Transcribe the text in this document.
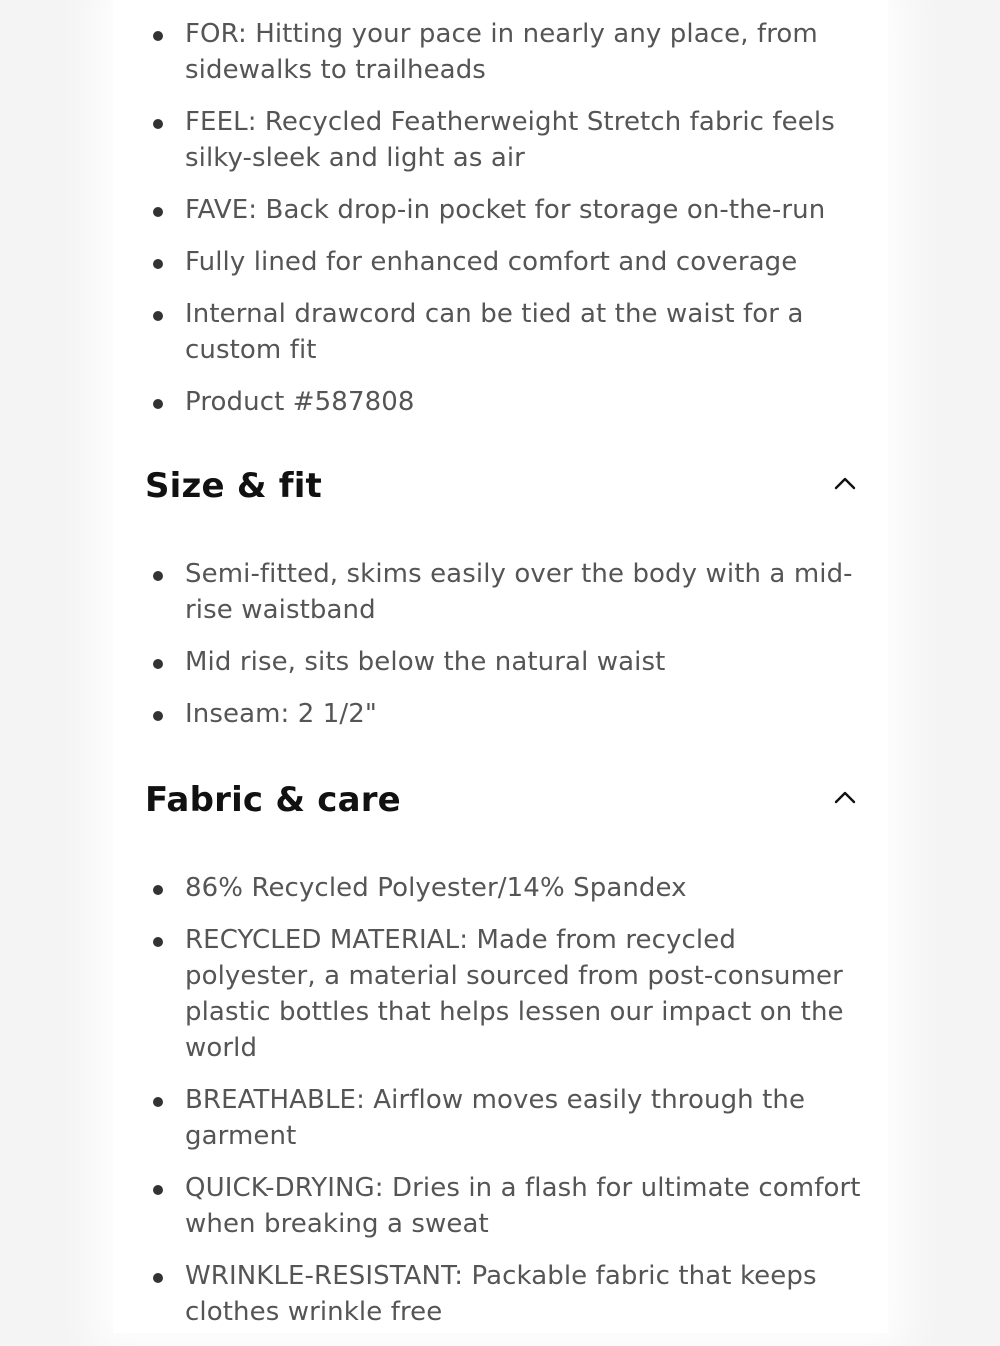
FOR: Hitting your pace in nearly any place, from sidewalks to trailheads
FEEL: Recycled Featherweight Stretch fabric feels silky-sleek and light as air
FAVE: Back drop-in pocket for storage on-the-run
Fully lined for enhanced comfort and coverage
Internal drawcord can be tied at the waist for a custom fit
Product #587808
Size & fit
Semi-fitted, skims easily over the body with a mid-rise waistband
Mid rise, sits below the natural waist
Inseam: 2 1/2"
Fabric & care
86% Recycled Polyester/14% Spandex
RECYCLED MATERIAL: Made from recycled polyester, a material sourced from post-consumer plastic bottles that helps lessen our impact on the world
BREATHABLE: Airflow moves easily through the garment
QUICK-DRYING: Dries in a flash for ultimate comfort when breaking a sweat
WRINKLE-RESISTANT: Packable fabric that keeps clothes wrinkle free
